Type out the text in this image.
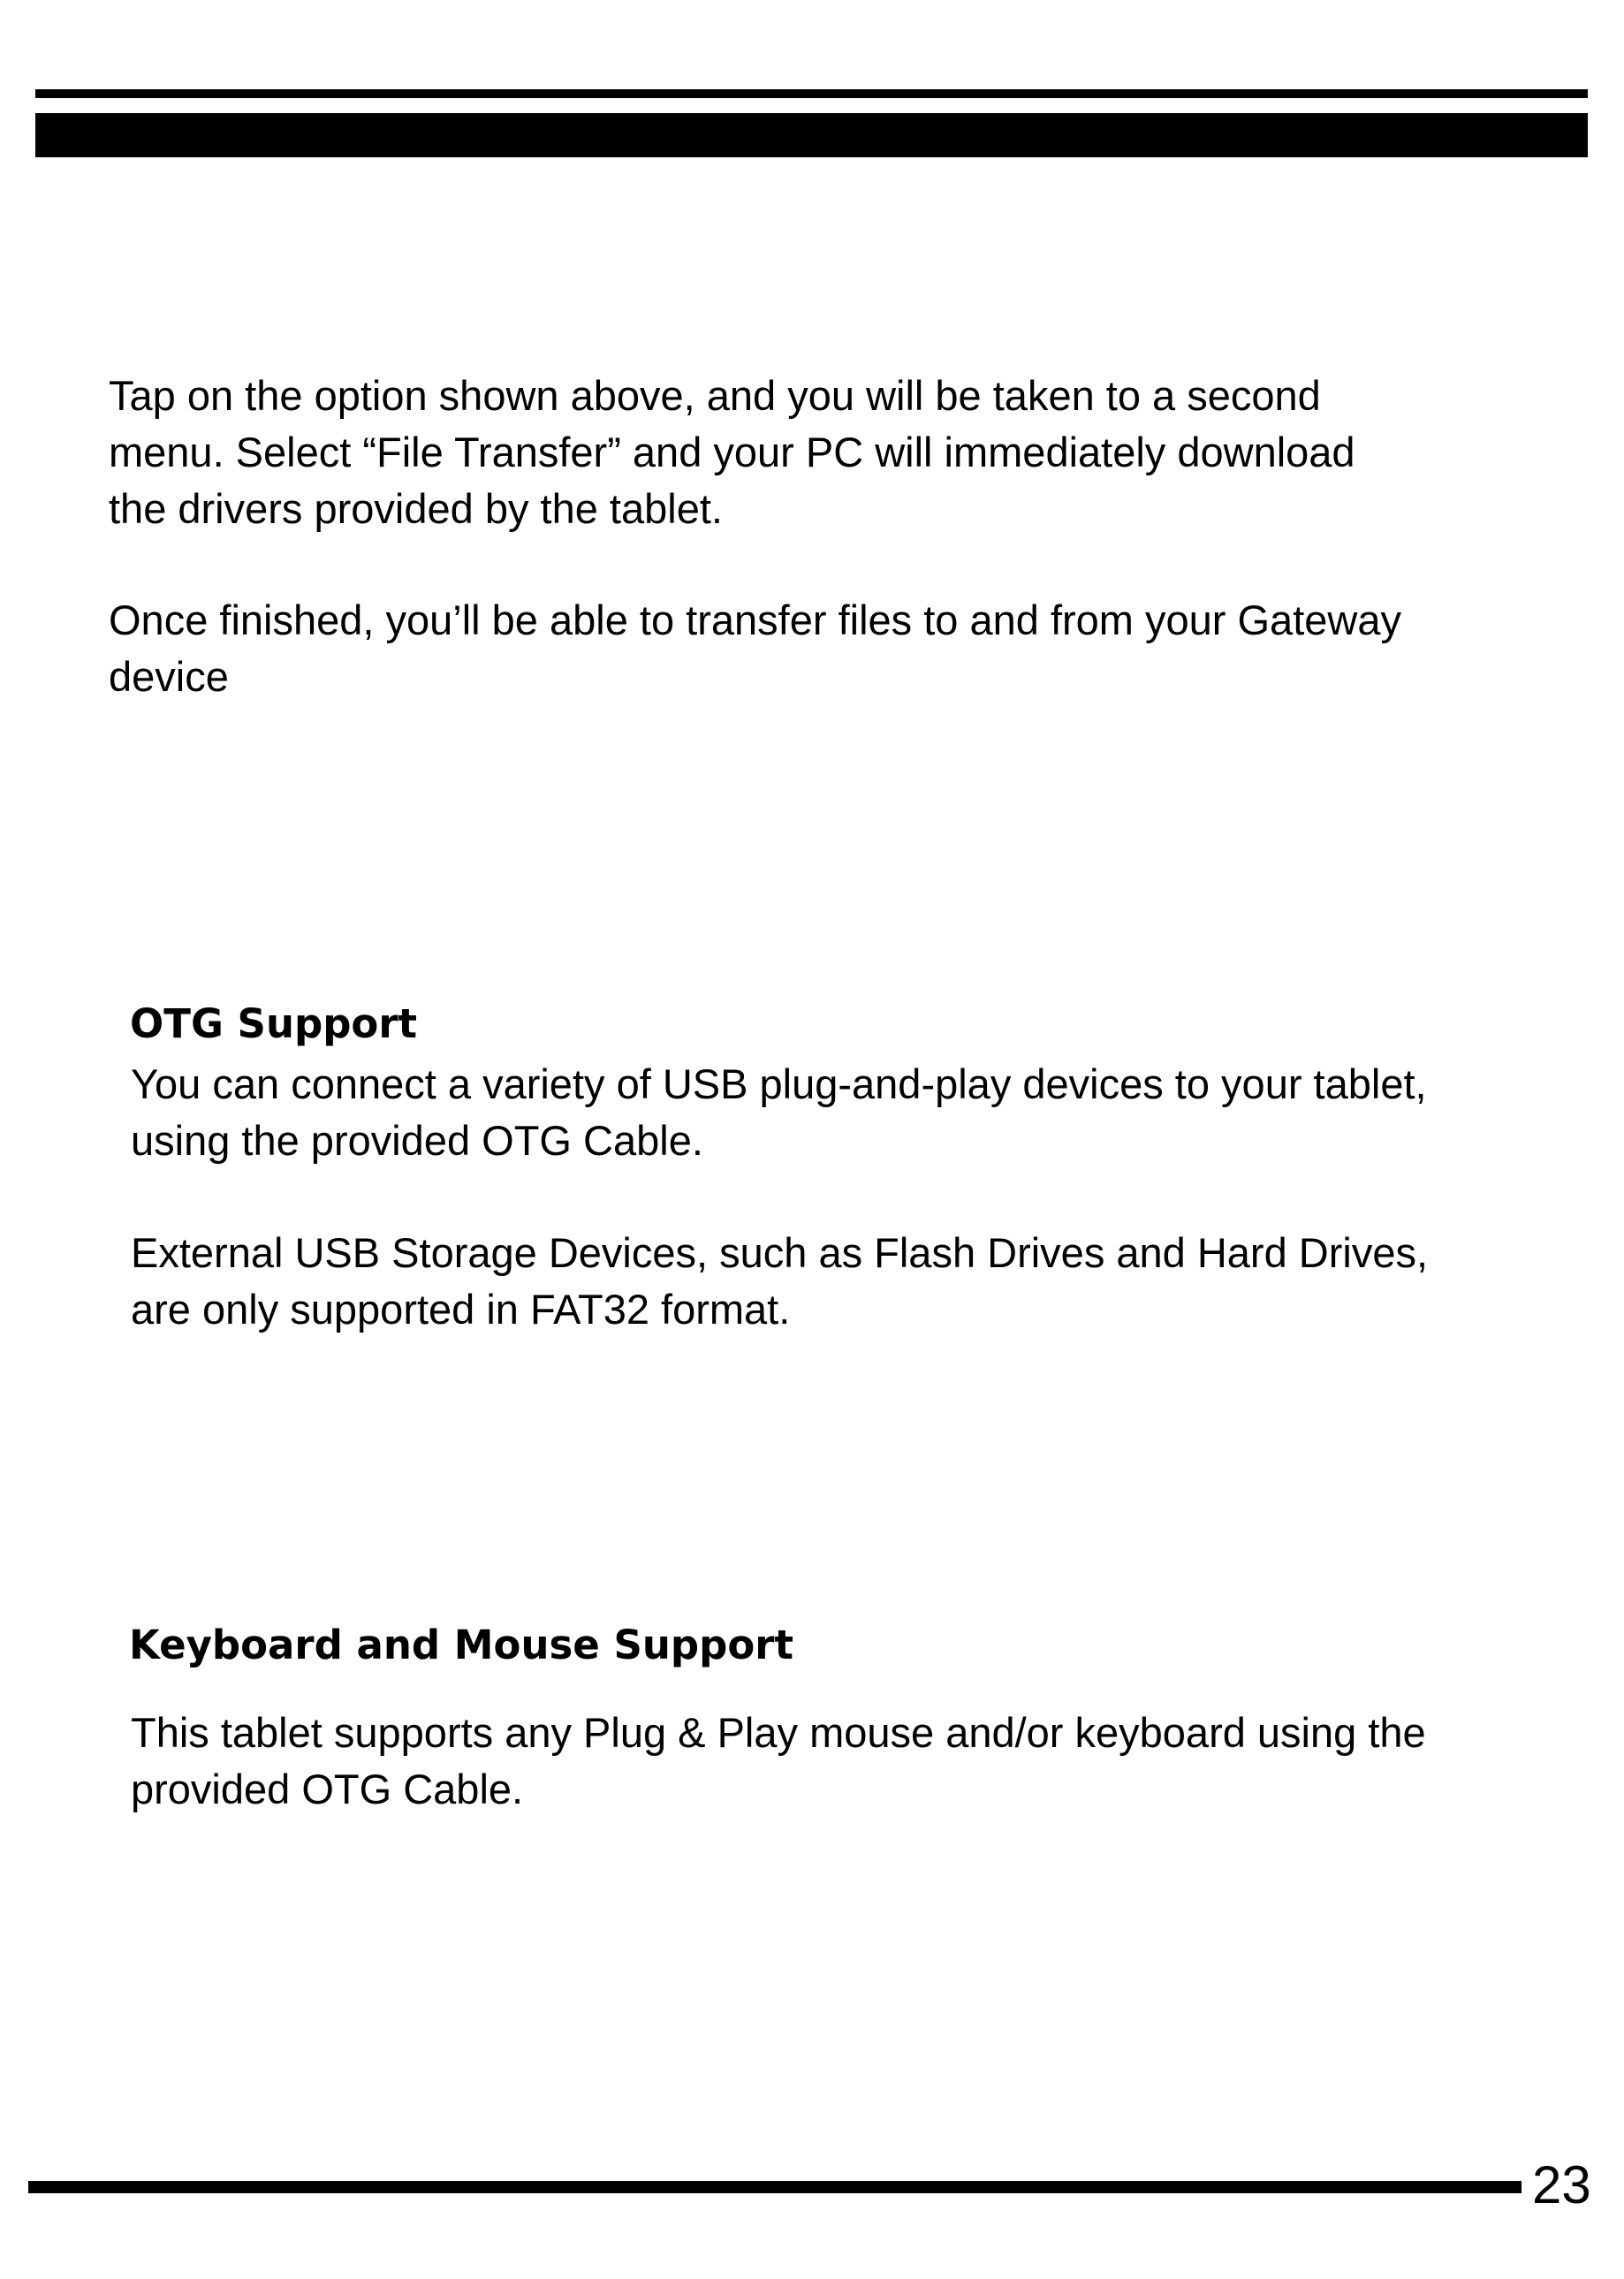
Tap on the option shown above, and you will be taken to a second
menu. Select “File Transfer” and your PC will immediately download
the drivers provided by the tablet.

Once finished, you’ll be able to transfer files to and from your Gateway
device

OTG Support

You can connect a variety of USB plug-and-play devices to your tablet,
using the provided OTG Cable.

External USB Storage Devices, such as Flash Drives and Hard Drives,
are only supported in FAT32 format.

Keyboard and Mouse Support

This tablet supports any Plug & Play mouse and/or keyboard using the
provided OTG Cable.

23
